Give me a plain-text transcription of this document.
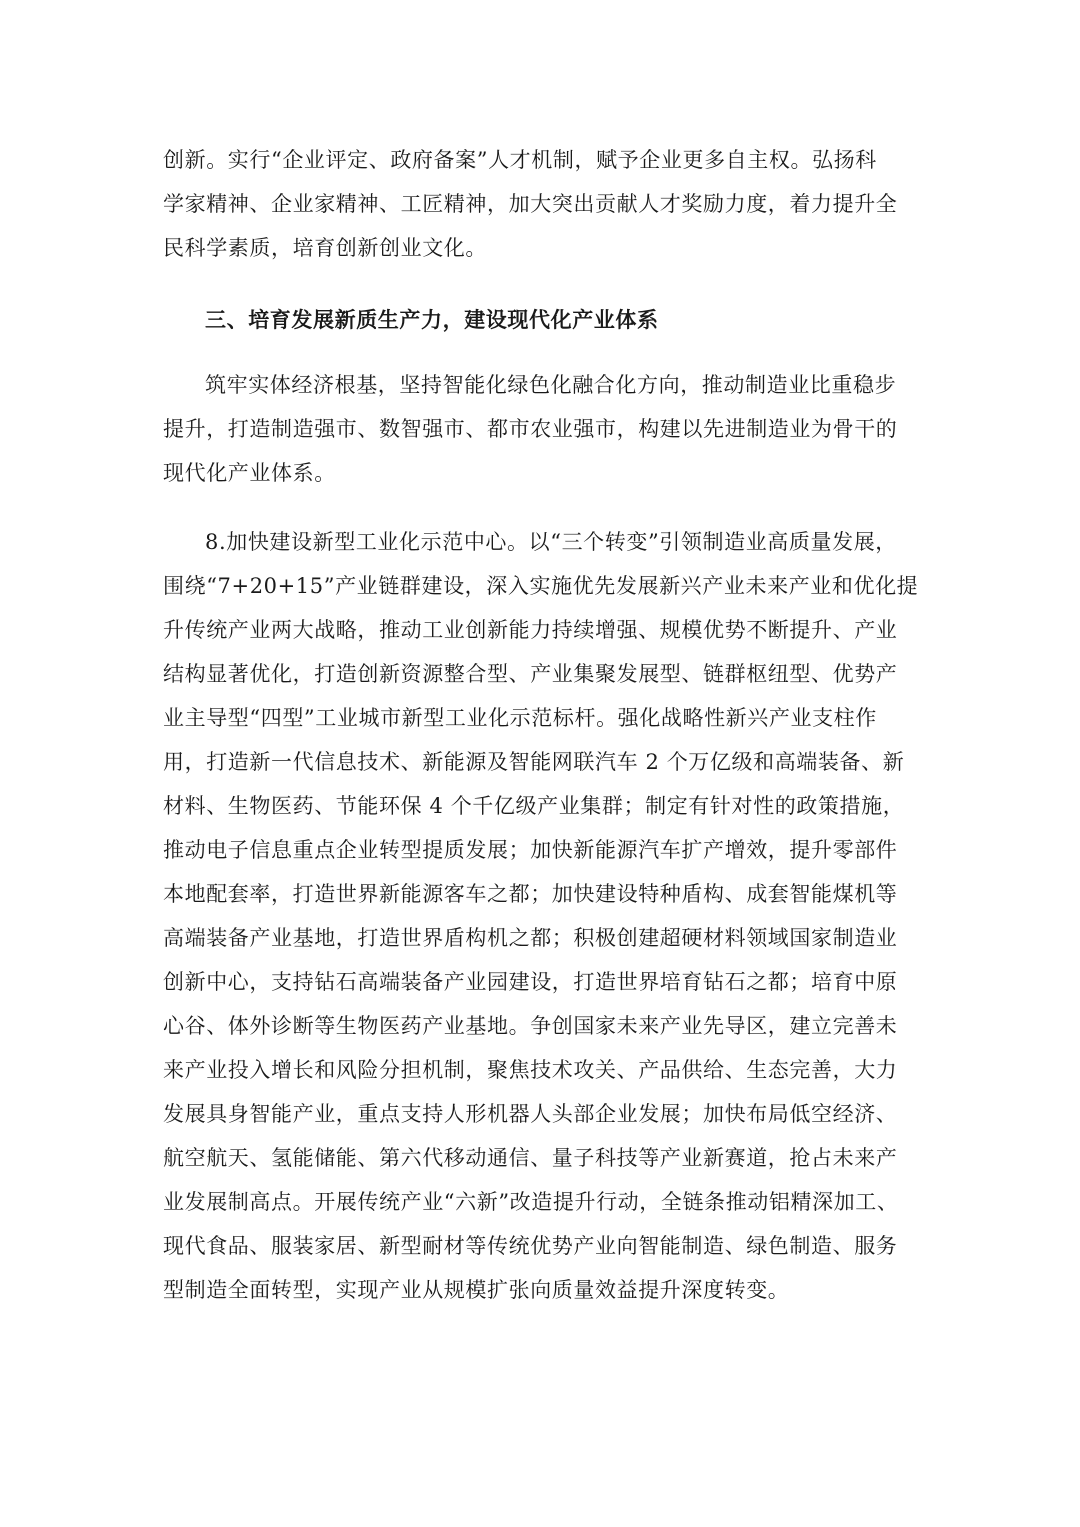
创新。实行“企业评定、政府备案”人才机制，赋予企业更多自主权。弘扬科
学家精神、企业家精神、工匠精神，加大突出贡献人才奖励力度，着力提升全
民科学素质，培育创新创业文化。
三、培育发展新质生产力，建设现代化产业体系
筑牢实体经济根基，坚持智能化绿色化融合化方向，推动制造业比重稳步
提升，打造制造强市、数智强市、都市农业强市，构建以先进制造业为骨干的
现代化产业体系。
8.加快建设新型工业化示范中心。以“三个转变”引领制造业高质量发展，
围绕“7+20+15”产业链群建设，深入实施优先发展新兴产业未来产业和优化提
升传统产业两大战略，推动工业创新能力持续增强、规模优势不断提升、产业
结构显著优化，打造创新资源整合型、产业集聚发展型、链群枢纽型、优势产
业主导型“四型”工业城市新型工业化示范标杆。强化战略性新兴产业支柱作
用，打造新一代信息技术、新能源及智能网联汽车 2 个万亿级和高端装备、新
材料、生物医药、节能环保 4 个千亿级产业集群；制定有针对性的政策措施，
推动电子信息重点企业转型提质发展；加快新能源汽车扩产增效，提升零部件
本地配套率，打造世界新能源客车之都；加快建设特种盾构、成套智能煤机等
高端装备产业基地，打造世界盾构机之都；积极创建超硬材料领域国家制造业
创新中心，支持钻石高端装备产业园建设，打造世界培育钻石之都；培育中原
心谷、体外诊断等生物医药产业基地。争创国家未来产业先导区，建立完善未
来产业投入增长和风险分担机制，聚焦技术攻关、产品供给、生态完善，大力
发展具身智能产业，重点支持人形机器人头部企业发展；加快布局低空经济、
航空航天、氢能储能、第六代移动通信、量子科技等产业新赛道，抢占未来产
业发展制高点。开展传统产业“六新”改造提升行动，全链条推动铝精深加工、
现代食品、服装家居、新型耐材等传统优势产业向智能制造、绿色制造、服务
型制造全面转型，实现产业从规模扩张向质量效益提升深度转变。
